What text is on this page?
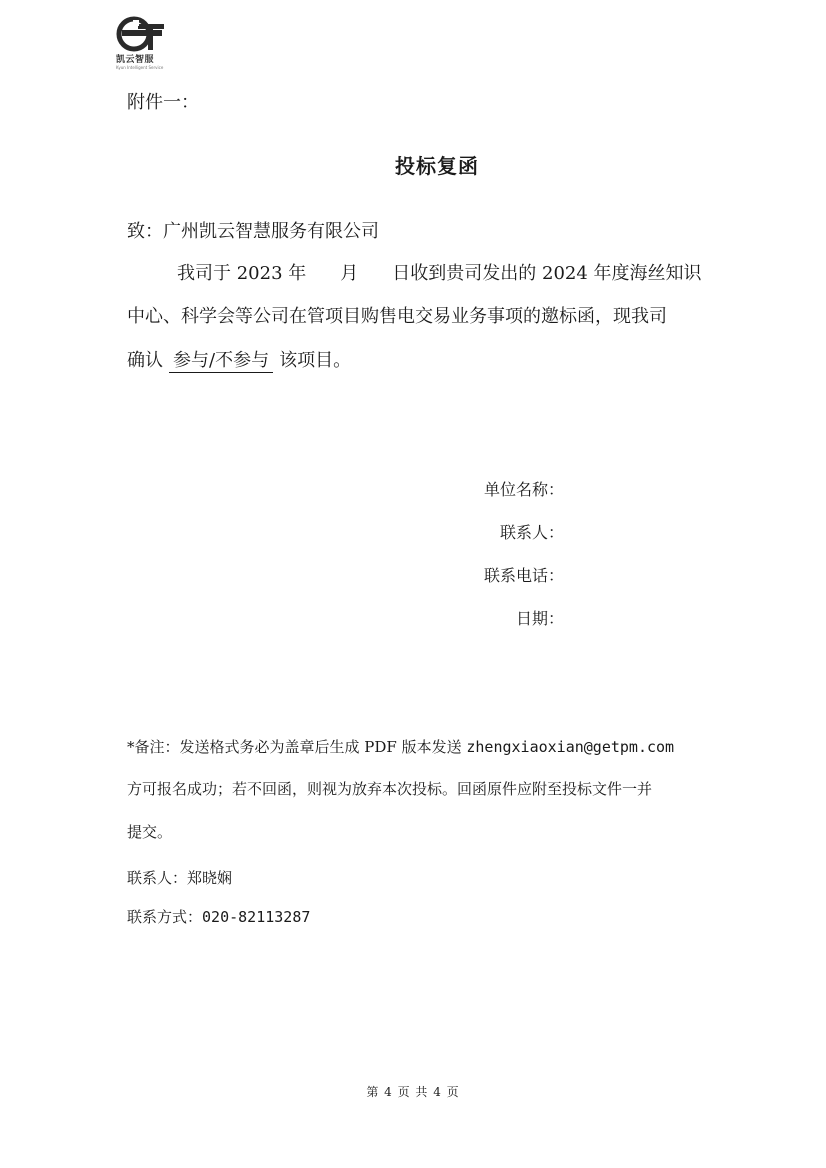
凯云智服
Kyun Intelligent Service
附件一：
投标复函
致：广州凯云智慧服务有限公司
我司于 2023 年 月 日收到贵司发出的 2024 年度海丝知识
中心、科学会等公司在管项目购售电交易业务事项的邀标函，现我司
确认 参与/不参与 该项目。
单位名称：
联系人：
联系电话：
日期：
*备注：发送格式务必为盖章后生成 PDF 版本发送 zhengxiaoxian@getpm.com
方可报名成功；若不回函，则视为放弃本次投标。回函原件应附至投标文件一并
提交。
联系人：郑晓娴
联系方式：020-82113287
第 4 页 共 4 页
